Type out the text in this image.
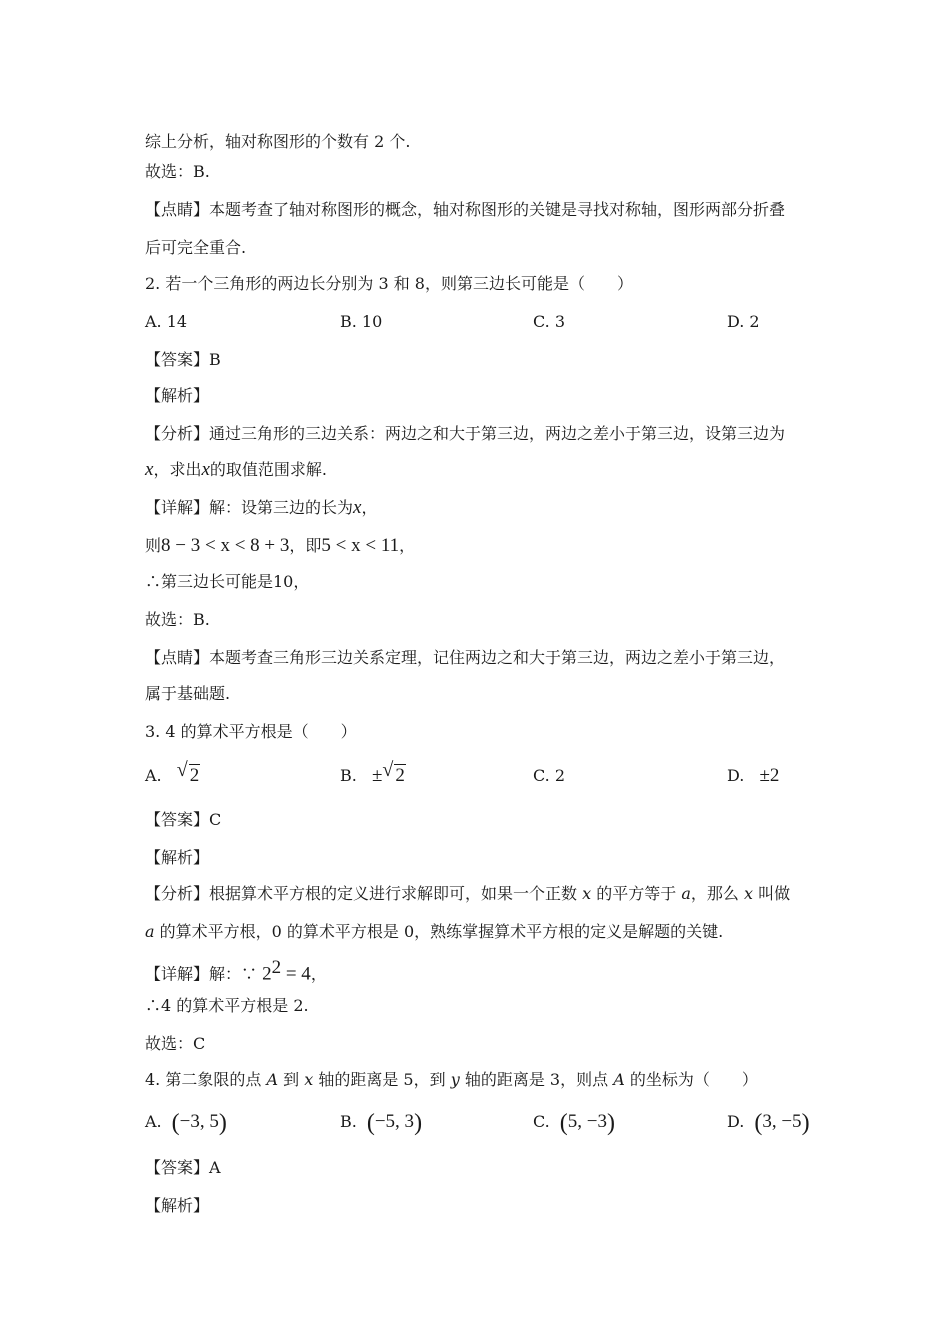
综上分析，轴对称图形的个数有 2 个.
故选：B.
【点睛】本题考查了轴对称图形的概念，轴对称图形的关键是寻找对称轴，图形两部分折叠
后可完全重合.
2. 若一个三角形的两边长分别为 3 和 8，则第三边长可能是（　　）
A. 14	B. 10	C. 3	D. 2
【答案】B
【解析】
【分析】通过三角形的三边关系：两边之和大于第三边，两边之差小于第三边，设第三边为
x，求出x的取值范围求解.
【详解】解：设第三边的长为x，
则8 − 3 < x < 8 + 3，即5 < x < 11，
∴第三边长可能是10，
故选：B.
【点睛】本题考查三角形三边关系定理，记住两边之和大于第三边，两边之差小于第三边，
属于基础题.
3. 4 的算术平方根是（　　）
A. √ 2	B. ± √ 2	C. 2	D. ±2
【答案】C
【解析】
【分析】根据算术平方根的定义进行求解即可，如果一个正数 x 的平方等于 a，那么 x 叫做
a 的算术平方根，0 的算术平方根是 0，熟练掌握算术平方根的定义是解题的关键.
【详解】解：∵ $2^2 = 4$，
∴4 的算术平方根是 2.
故选：C
4. 第二象限的点 A 到 x 轴的距离是 5，到 y 轴的距离是 3，则点 A 的坐标为（　　）
A. (−3, 5)	B. (−5, 3)	C. (5, −3)	D. (3, −5)
【答案】A
【解析】
